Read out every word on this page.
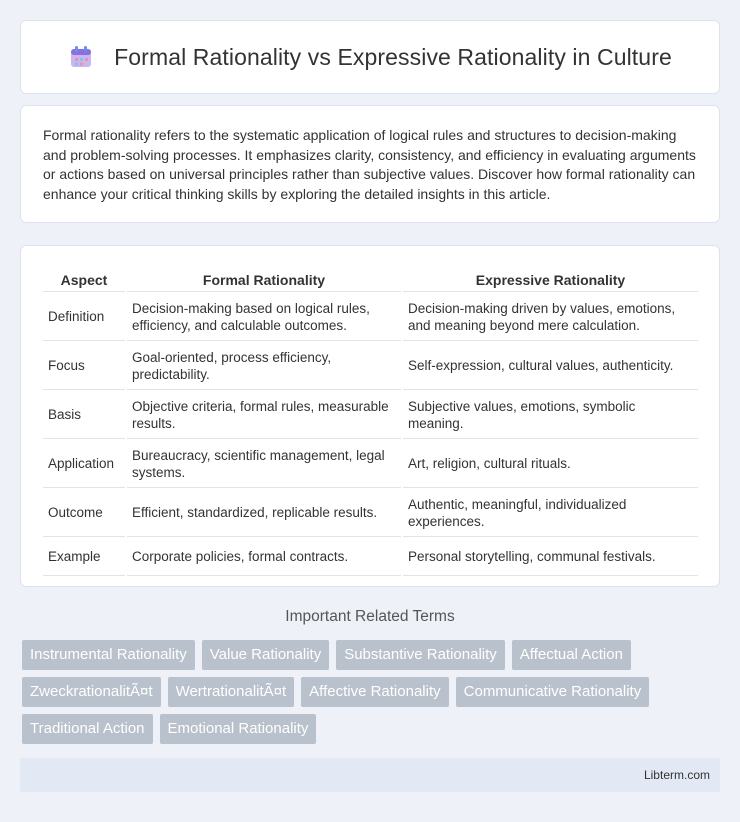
Formal Rationality vs Expressive Rationality in Culture

Formal rationality refers to the systematic application of logical rules and structures to decision-making and problem-solving processes. It emphasizes clarity, consistency, and efficiency in evaluating arguments or actions based on universal principles rather than subjective values. Discover how formal rationality can enhance your critical thinking skills by exploring the detailed insights in this article.

Aspect	Formal Rationality	Expressive Rationality
Definition	Decision-making based on logical rules, efficiency, and calculable outcomes.	Decision-making driven by values, emotions, and meaning beyond mere calculation.
Focus	Goal-oriented, process efficiency, predictability.	Self-expression, cultural values, authenticity.
Basis	Objective criteria, formal rules, measurable results.	Subjective values, emotions, symbolic meaning.
Application	Bureaucracy, scientific management, legal systems.	Art, religion, cultural rituals.
Outcome	Efficient, standardized, replicable results.	Authentic, meaningful, individualized experiences.
Example	Corporate policies, formal contracts.	Personal storytelling, communal festivals.
Important Related Terms
Instrumental Rationality	Value Rationality	Substantive Rationality	Affectual Action
ZweckrationalitÃ¤t	WertrationalitÃ¤t	Affective Rationality	Communicative Rationality
Traditional Action	Emotional Rationality
Libterm.com
